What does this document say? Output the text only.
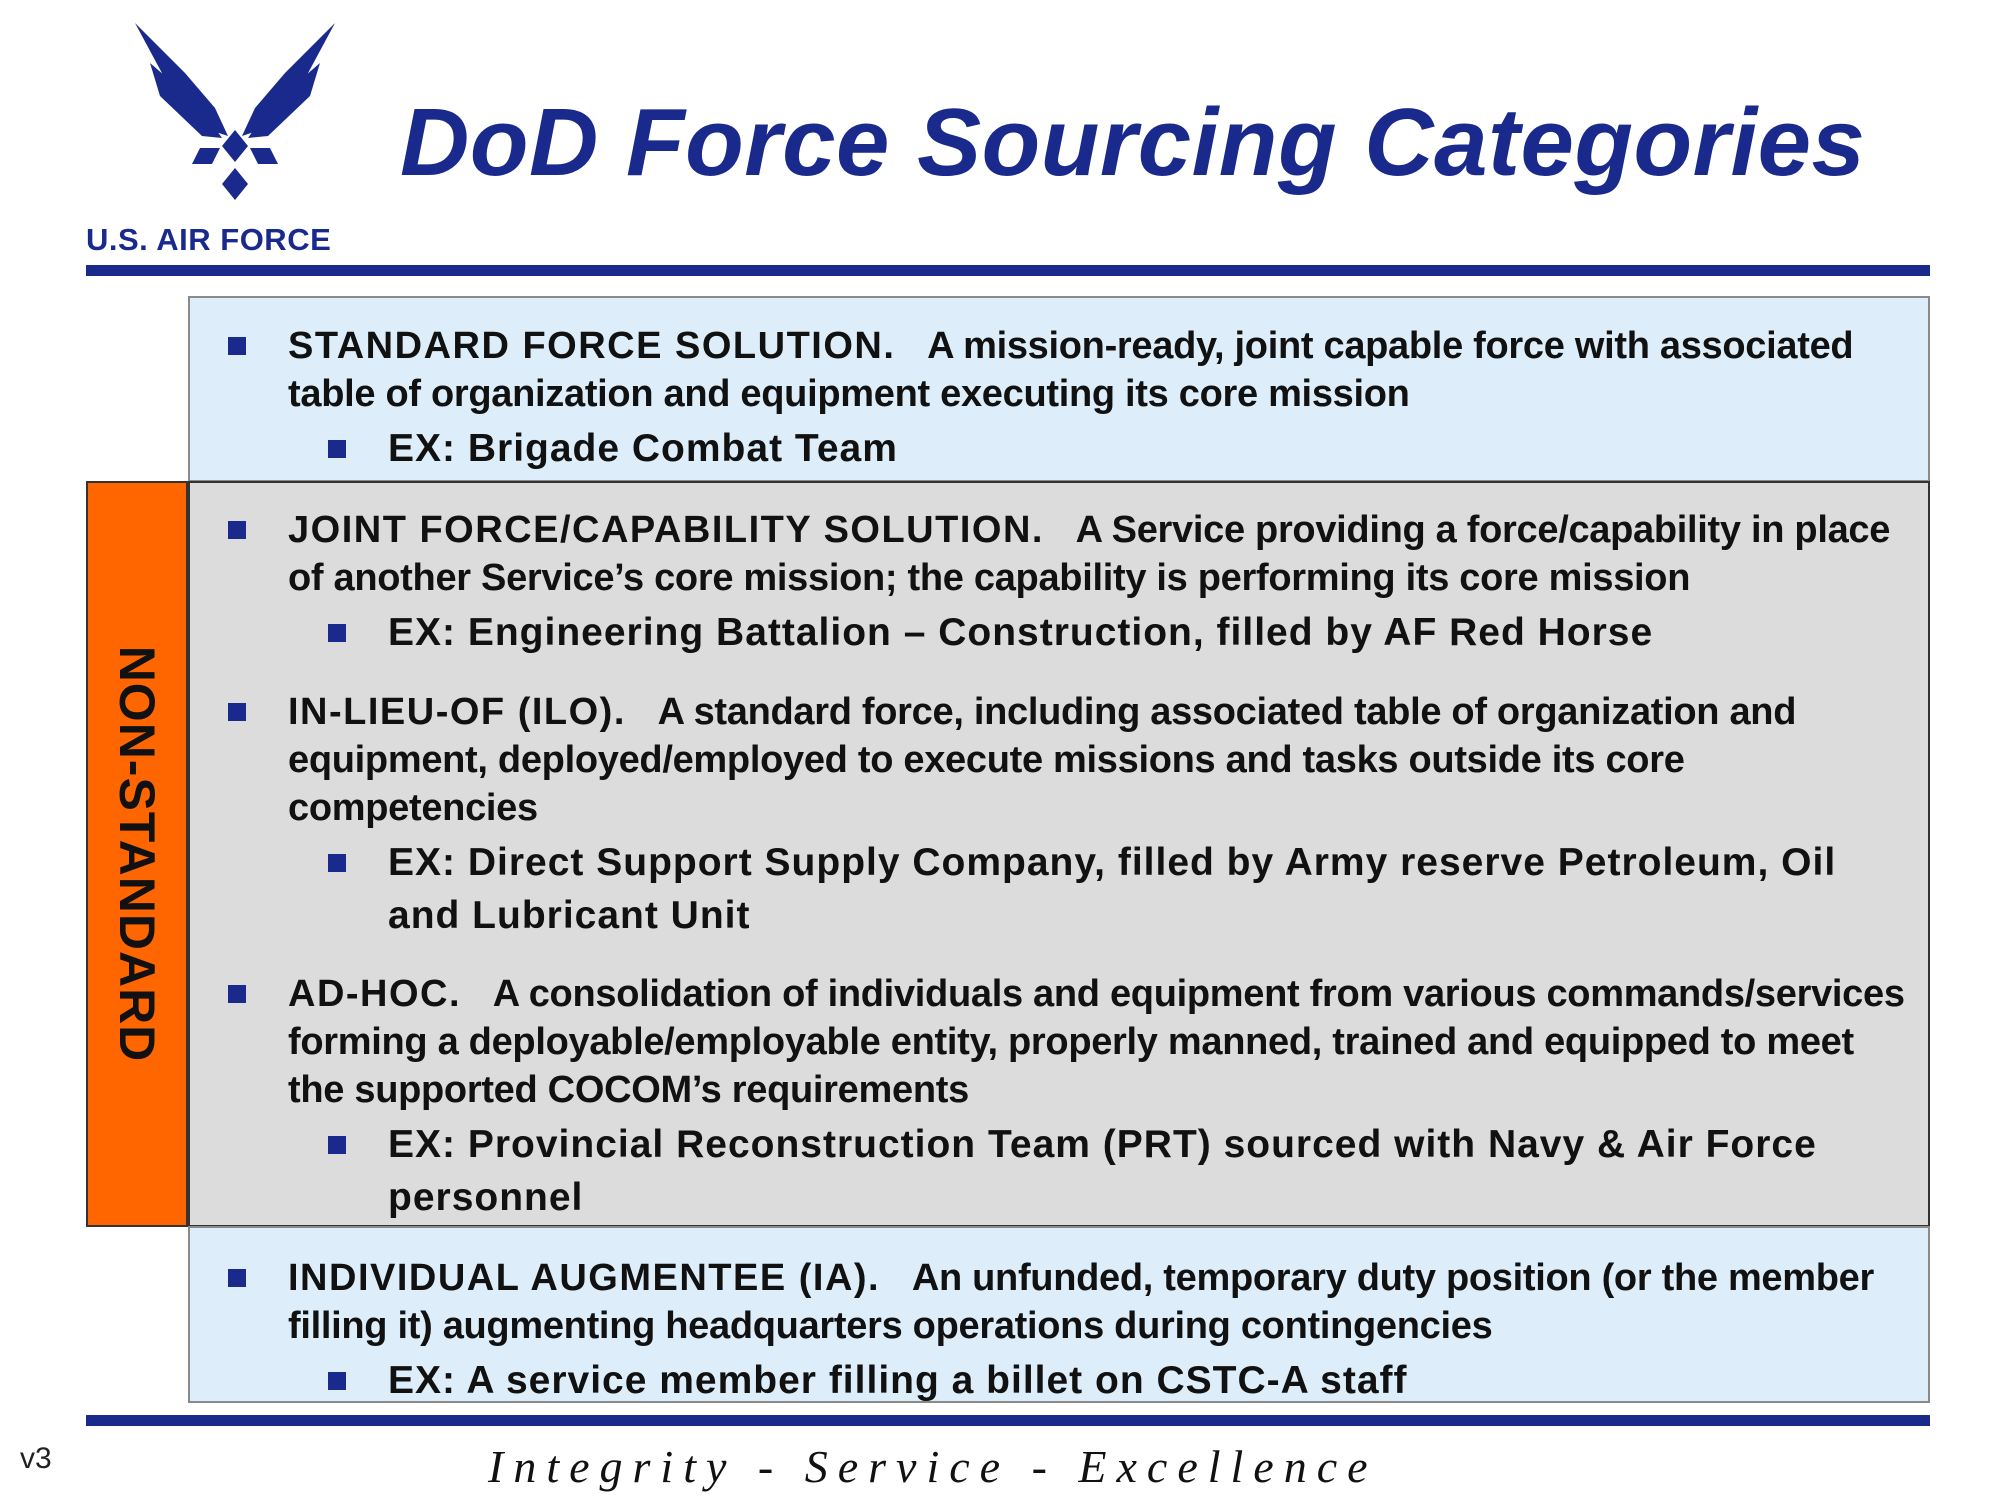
U.S. AIR FORCE
DoD Force Sourcing Categories
NON-STANDARD
STANDARD FORCE SOLUTION. A mission-ready, joint capable force with associated table of organization and equipment executing its core mission
EX: Brigade Combat Team
JOINT FORCE/CAPABILITY SOLUTION. A Service providing a force/capability in place of another Service’s core mission; the capability is performing its core mission
EX: Engineering Battalion – Construction, filled by AF Red Horse
IN-LIEU-OF (ILO). A standard force, including associated table of organization and equipment, deployed/employed to execute missions and tasks outside its core competencies
EX: Direct Support Supply Company, filled by Army reserve Petroleum, Oil and Lubricant Unit
AD-HOC. A consolidation of individuals and equipment from various commands/services forming a deployable/employable entity, properly manned, trained and equipped to meet the supported COCOM’s requirements
EX: Provincial Reconstruction Team (PRT) sourced with Navy & Air Force personnel
INDIVIDUAL AUGMENTEE (IA). An unfunded, temporary duty position (or the member filling it) augmenting headquarters operations during contingencies
EX: A service member filling a billet on CSTC-A staff
v3	Integrity - Service - Excellence
